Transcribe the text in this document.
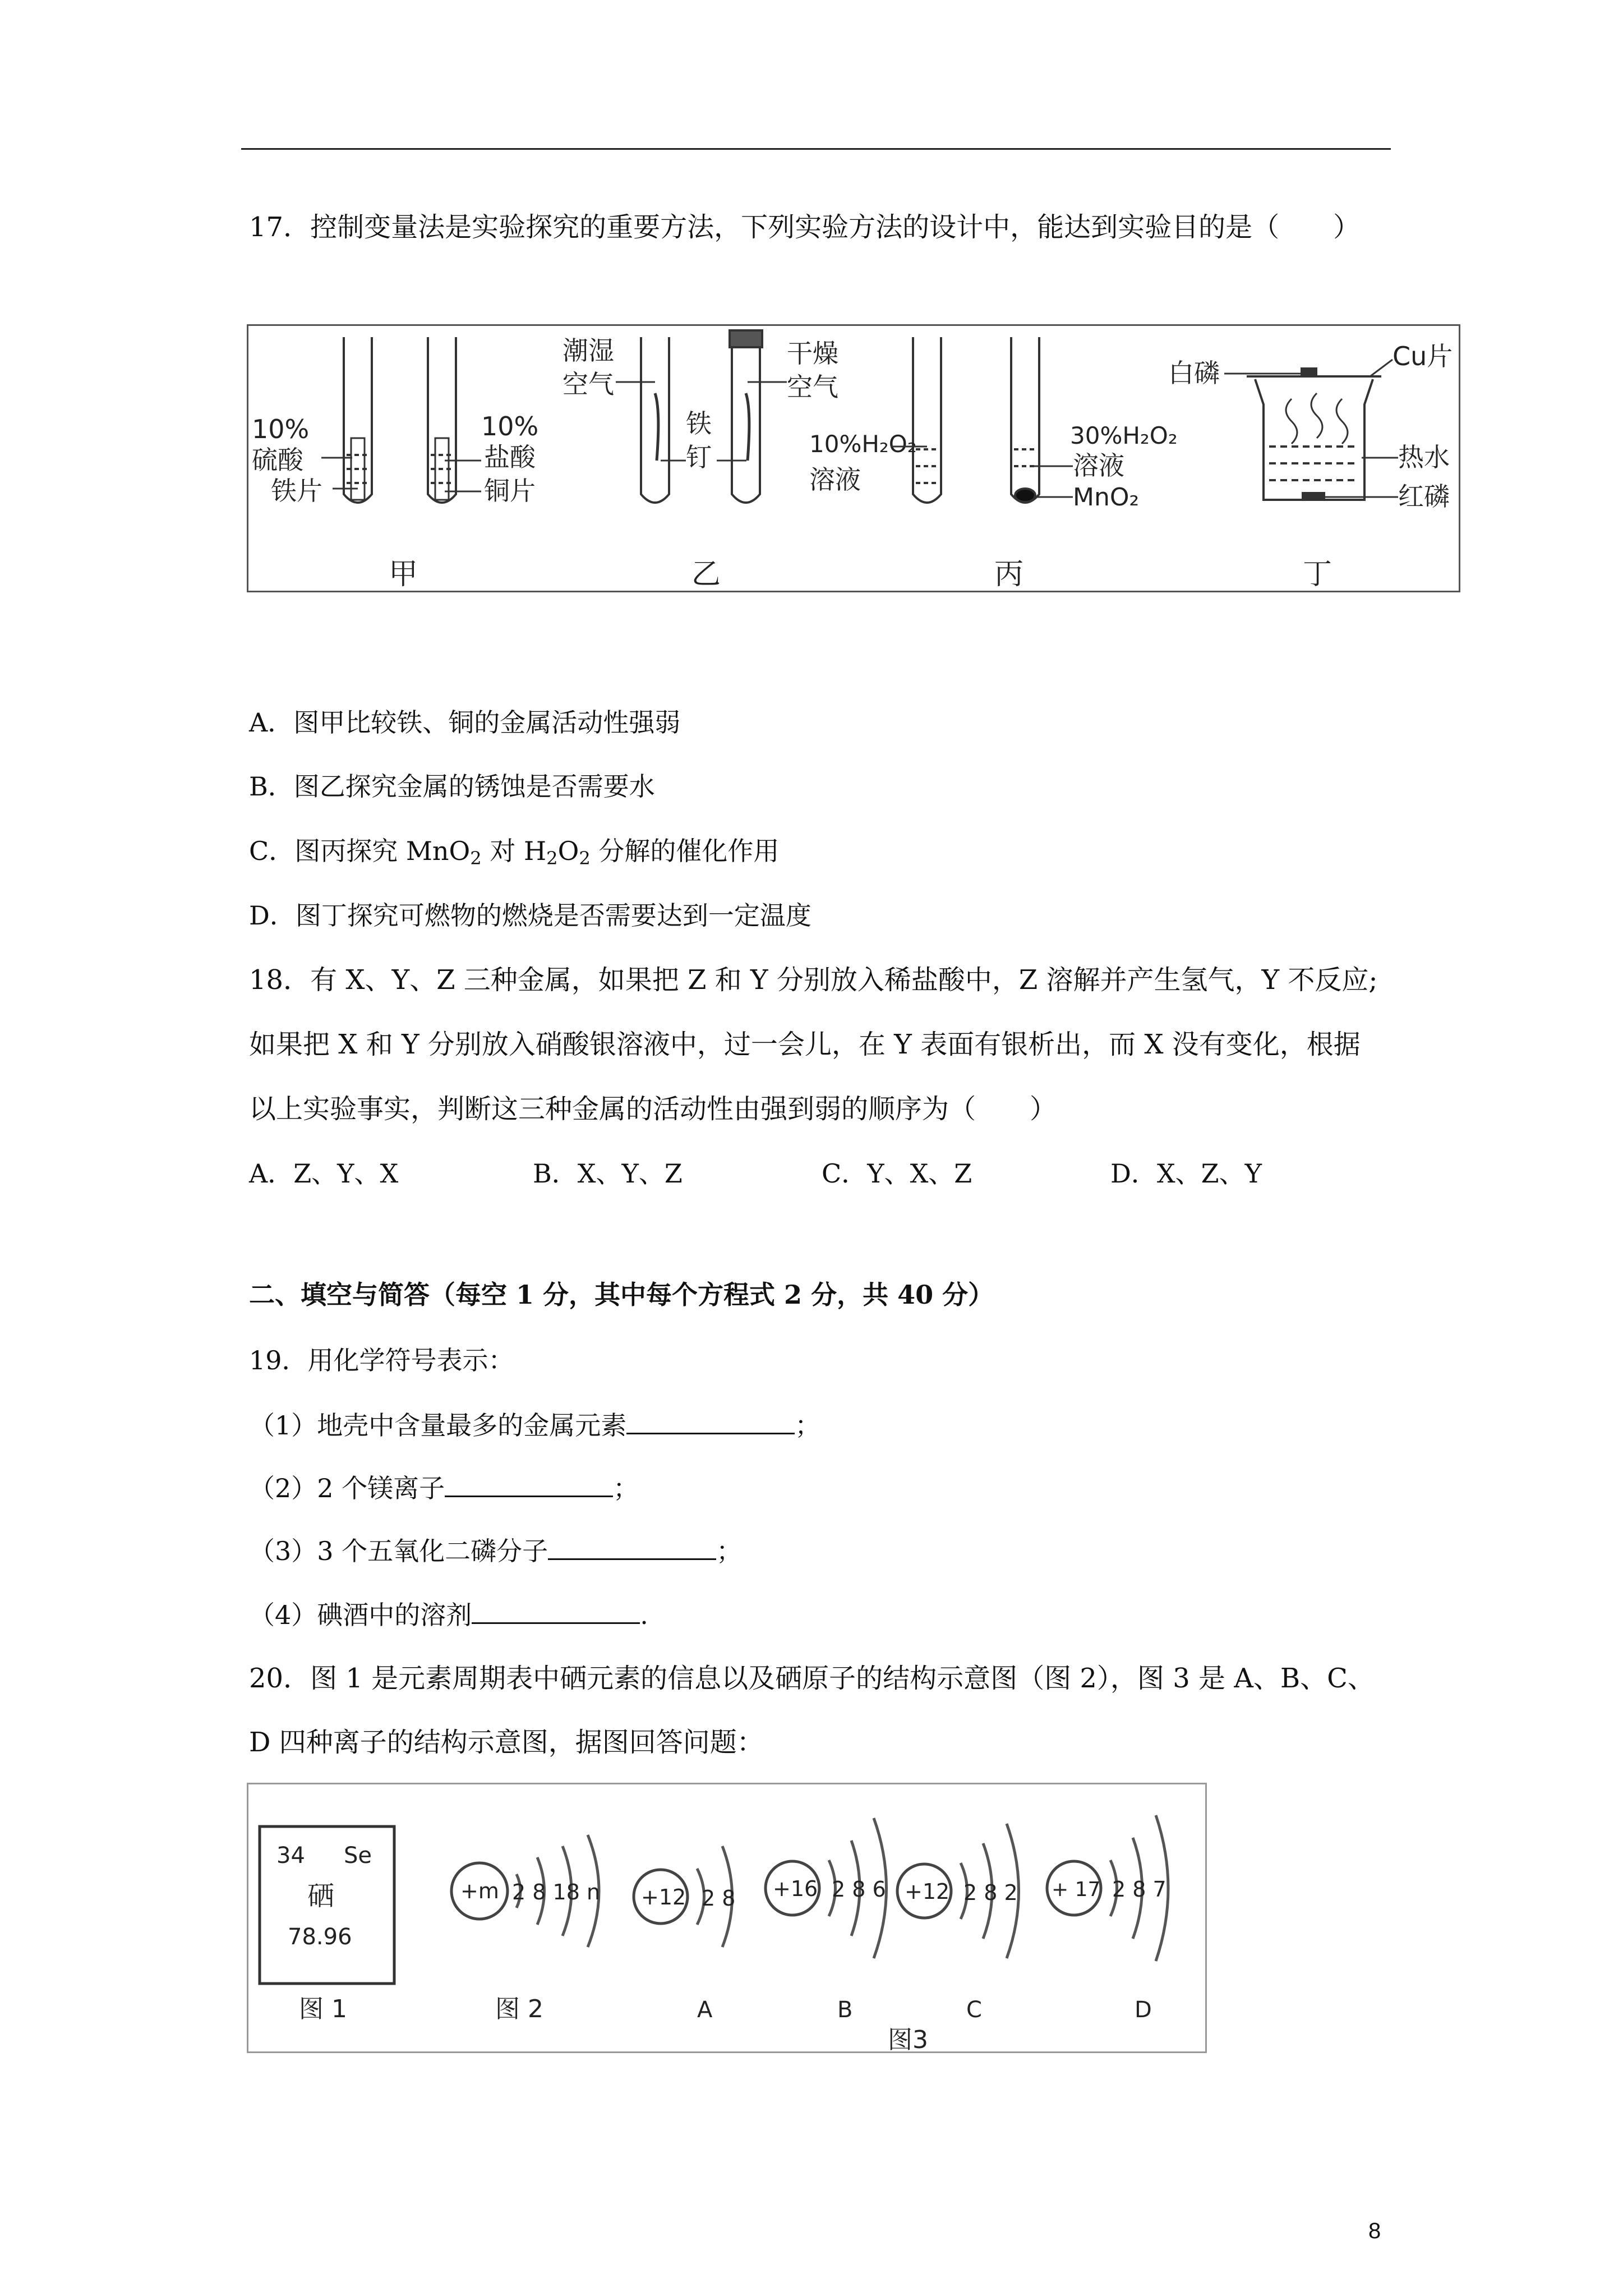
17．控制变量法是实验探究的重要方法，下列实验方法的设计中，能达到实验目的是（　　）
10%
硫酸
铁片
10%
盐酸
铜片
甲
潮湿
空气
铁
钉
干燥
空气
乙
10%H₂O₂
溶液
30%H₂O₂
溶液
MnO₂
丙
白磷
Cu片
热水
红磷
丁
A．图甲比较铁、铜的金属活动性强弱
B．图乙探究金属的锈蚀是否需要水
C．图丙探究 MnO$_2$ 对 $H_2O_2$ 分解的催化作用
D．图丁探究可燃物的燃烧是否需要达到一定温度
18．有 X、Y、Z 三种金属，如果把 Z 和 Y 分别放入稀盐酸中，Z 溶解并产生氢气，Y 不反应;
如果把 X 和 Y 分别放入硝酸银溶液中，过一会儿，在 Y 表面有银析出，而 X 没有变化，根据
以上实验事实，判断这三种金属的活动性由强到弱的顺序为（　　）
A．Z、Y、X	B．X、Y、Z	C．Y、X、Z	D．X、Z、Y
二、填空与简答（每空 1 分，其中每个方程式 2 分，共 40 分）
19．用化学符号表示：
（1）地壳中含量最多的金属元素	；
（2）2 个镁离子	；
（3）3 个五氧化二磷分子	；
（4）碘酒中的溶剂	.
20．图 1 是元素周期表中硒元素的信息以及硒原子的结构示意图（图 2），图 3 是 A、B、C、
D 四种离子的结构示意图，据图回答问题：
34 Se
硒
78.96
图 1
+m 2 8 18 n
图 2
+12 2 8
A
+16 2 8 6
B
+12 2 8 2
C
+ 17 2 8 7
D
图3
8
